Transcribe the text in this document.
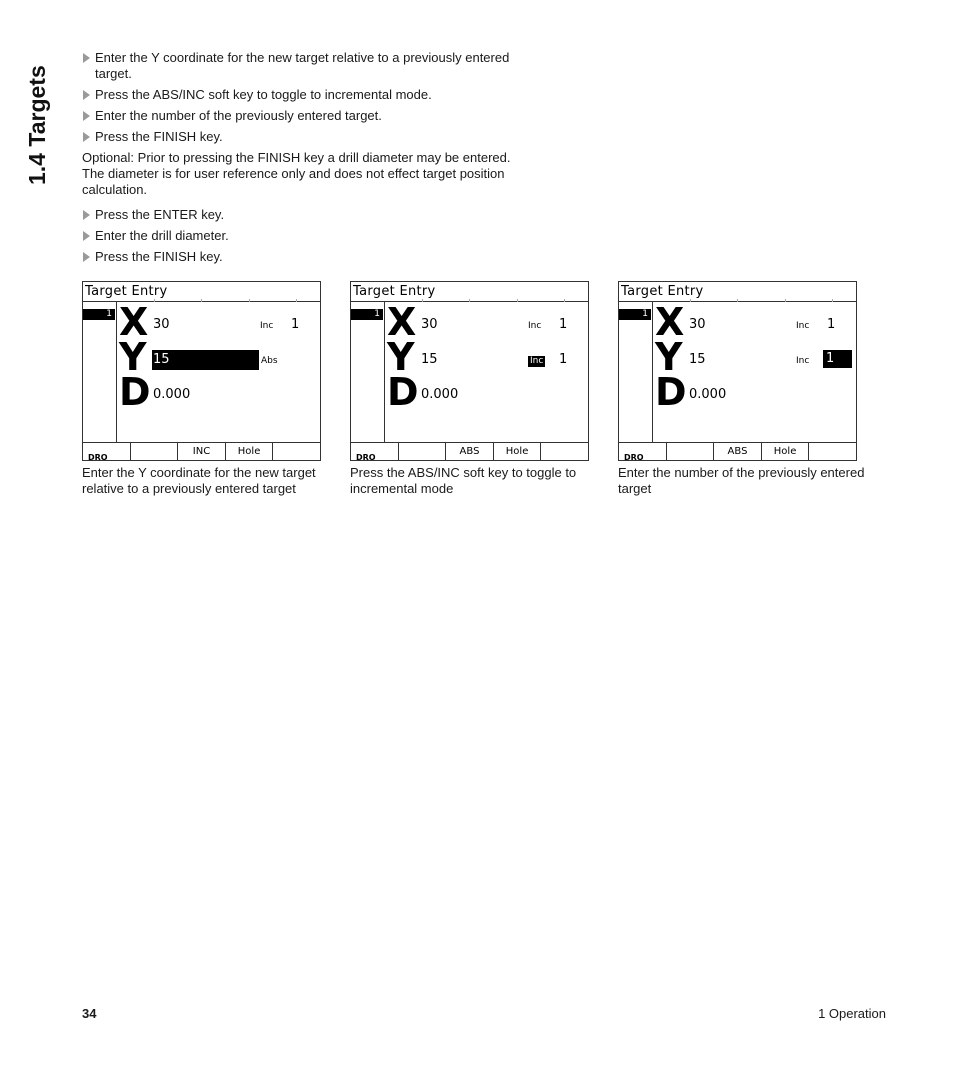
1.4 Targets
Enter the Y coordinate for the new target relative to a previously entered target.
Press the ABS/INC soft key to toggle to incremental mode.
Enter the number of the previously entered target.
Press the FINISH key.

Optional: Prior to pressing the FINISH key a drill diameter may be entered. The diameter is for user reference only and does not effect target position calculation.

Press the ENTER key.
Enter the drill diameter.
Press the FINISH key.
Target Entry
1
DRO
X
Y
D
30	Inc 1
15	Abs
0.000
INC	Hole
Target Entry
1
DRO
X
Y
D
30	Inc 1
15	Inc 1
0.000
ABS	Hole
Target Entry
1
DRO
X
Y
D
30	Inc 1
15	Inc 1
0.000
ABS	Hole
Enter the Y coordinate for the new target relative to a previously entered target
Press the ABS/INC soft key to toggle to incremental mode
Enter the number of the previously entered target
34	1 Operation
